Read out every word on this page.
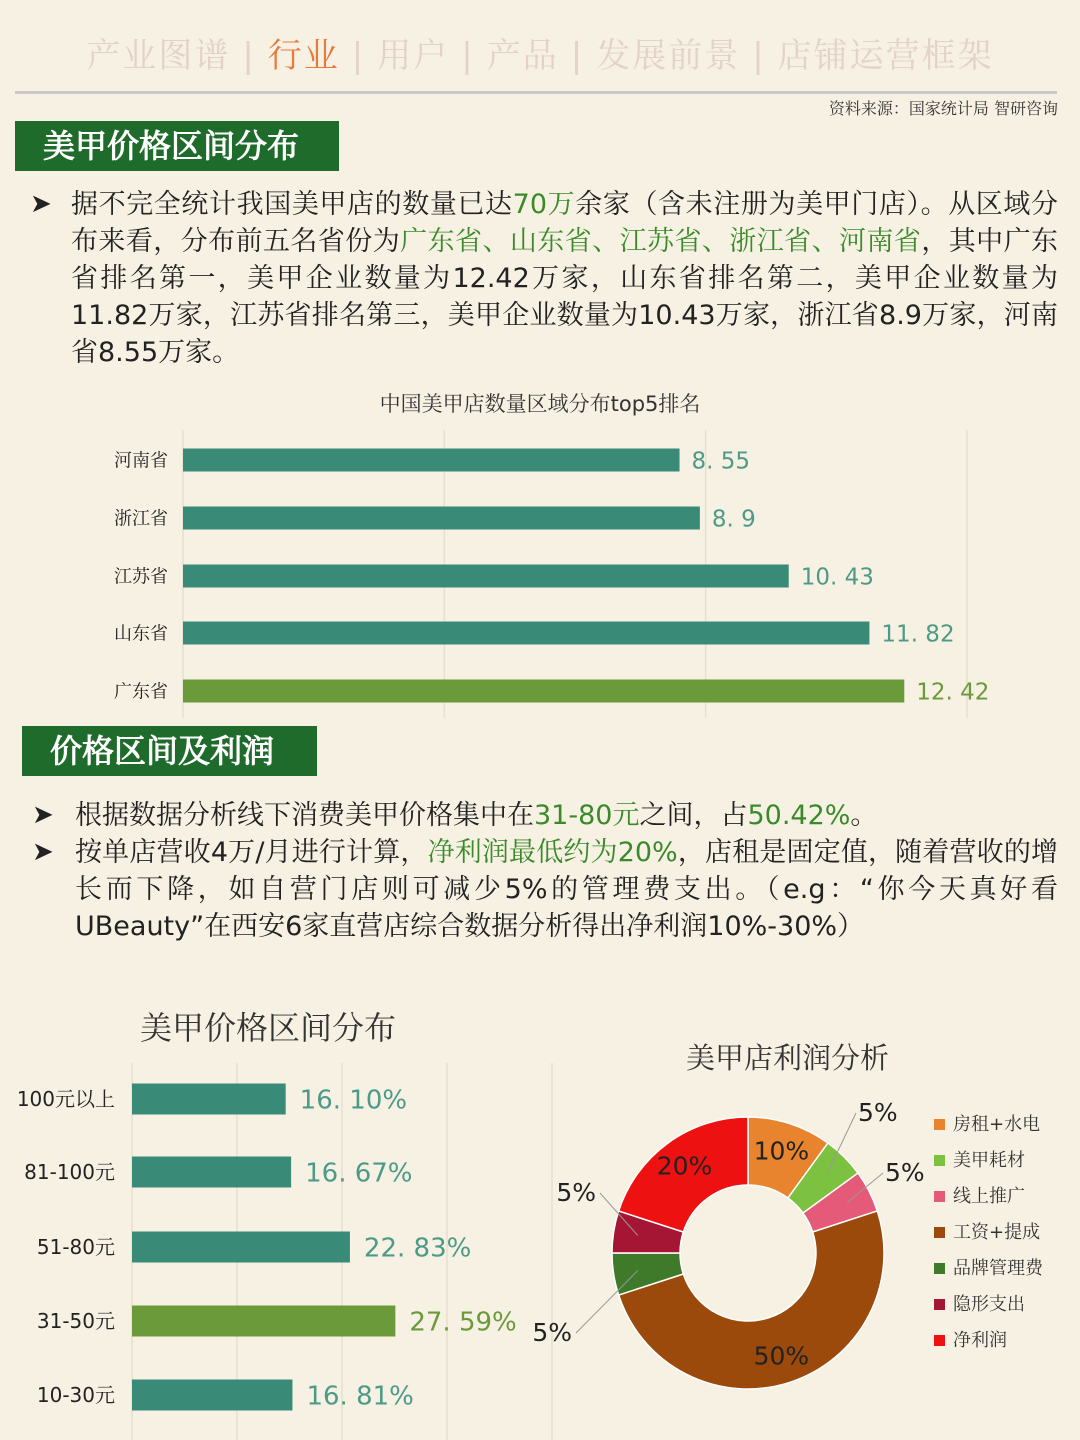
产业图谱 | 行业 | 用户 | 产品 | 发展前景 | 店铺运营框架
资料来源：国家统计局 智研咨询
美甲价格区间分布
➤ 据不完全统计我国美甲店的数量已达70万余家（含未注册为美甲门店）。从区域分布来看，分布前五名省份为广东省、山东省、江苏省、浙江省、河南省，其中广东省排名第一，美甲企业数量为12.42万家，山东省排名第二，美甲企业数量为11.82万家，江苏省排名第三，美甲企业数量为10.43万家，浙江省8.9万家，河南省8.55万家。
中国美甲店数量区域分布top5排名
河南省	8. 55
浙江省	8. 9
江苏省	10. 43
山东省	11. 82
广东省	12. 42
价格区间及利润
➤ 根据数据分析线下消费美甲价格集中在31-80元之间，占50.42%。
➤ 按单店营收4万/月进行计算，净利润最低约为20%，店租是固定值，随着营收的增长而下降，如自营门店则可减少5%的管理费支出。（e.g：“你今天真好看 UBeauty”在西安6家直营店综合数据分析得出净利润10%-30%）
美甲价格区间分布
100元以上	16. 10%
81-100元	16. 67%
51-80元	22. 83%
31-50元	27. 59%
10-30元	16. 81%
美甲店利润分析
10%
5%
5%
50%
5%
5%
20%
房租+水电
美甲耗材
线上推广
工资+提成
品牌管理费
隐形支出
净利润
